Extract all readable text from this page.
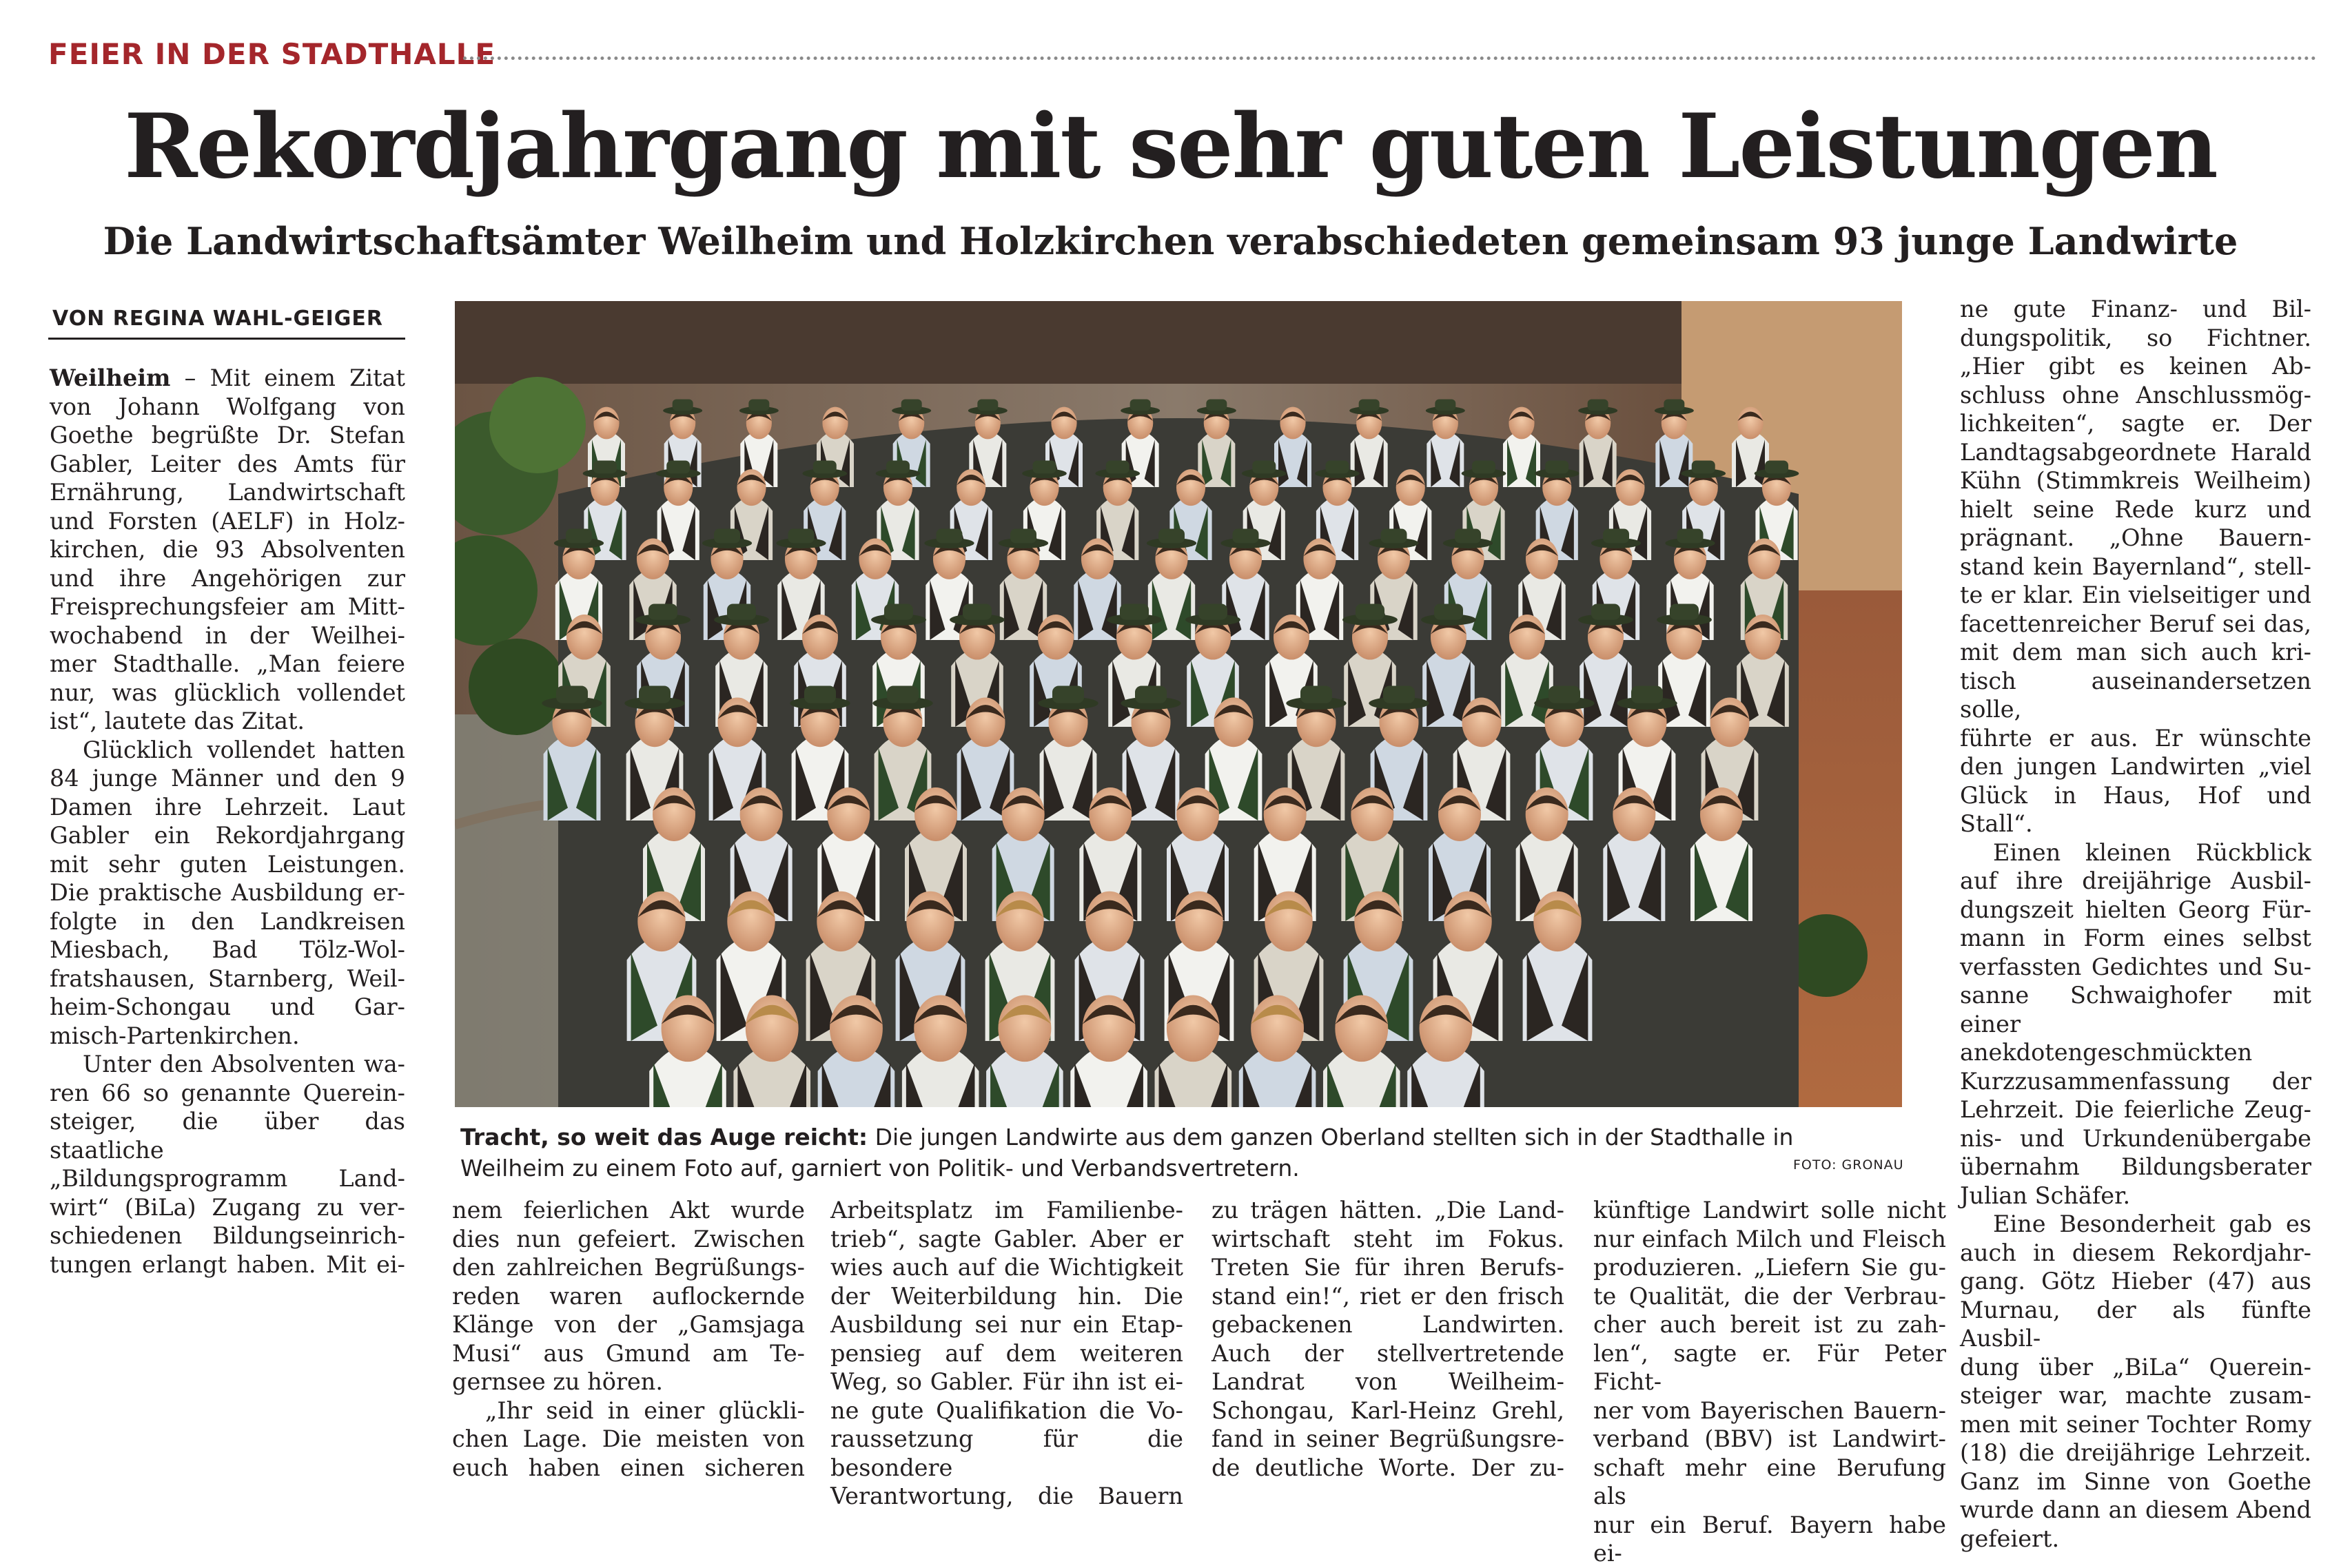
FEIER IN DER STADTHALLE
Rekordjahrgang mit sehr guten Leistungen
Die Landwirtschaftsämter Weilheim und Holzkirchen verabschiedeten gemeinsam 93 junge Landwirte
VON REGINA WAHL-GEIGER

Weilheim – Mit einem Zitat

von Johann Wolfgang von

Goethe begrüßte Dr. Stefan

Gabler, Leiter des Amts für

Ernährung, Landwirtschaft

und Forsten (AELF) in Holz-

kirchen, die 93 Absolventen

und ihre Angehörigen zur

Freisprechungsfeier am Mitt-

wochabend in der Weilhei-

mer Stadthalle. „Man feiere

nur, was glücklich vollendet

ist“, lautete das Zitat.

Glücklich vollendet hatten

84 junge Männer und den 9

Damen ihre Lehrzeit. Laut

Gabler ein Rekordjahrgang

mit sehr guten Leistungen.

Die praktische Ausbildung er-

folgte in den Landkreisen

Miesbach, Bad Tölz-Wol-

fratshausen, Starnberg, Weil-

heim-Schongau und Gar-

misch-Partenkirchen.

Unter den Absolventen wa-

ren 66 so genannte Querein-

steiger, die über das staatliche

„Bildungsprogramm Land-

wirt“ (BiLa) Zugang zu ver-

schiedenen Bildungseinrich-

tungen erlangt haben. Mit ei-

Tracht, so weit das Auge reicht: Die jungen Landwirte aus dem ganzen Oberland stellten sich in der Stadthalle in Weilheim zu einem Foto auf, garniert von Politik- und Verbandsvertretern.	FOTO: GRONAU

nem feierlichen Akt wurde

dies nun gefeiert. Zwischen

den zahlreichen Begrüßungs-

reden waren auflockernde

Klänge von der „Gamsjaga

Musi“ aus Gmund am Te-

gernsee zu hören.

„Ihr seid in einer glückli-

chen Lage. Die meisten von

euch haben einen sicheren

Arbeitsplatz im Familienbe-

trieb“, sagte Gabler. Aber er

wies auch auf die Wichtigkeit

der Weiterbildung hin. Die

Ausbildung sei nur ein Etap-

pensieg auf dem weiteren

Weg, so Gabler. Für ihn ist ei-

ne gute Qualifikation die Vo-

raussetzung für die besondere

Verantwortung, die Bauern

zu trägen hätten. „Die Land-

wirtschaft steht im Fokus.

Treten Sie für ihren Berufs-

stand ein!“, riet er den frisch

gebackenen Landwirten.

Auch der stellvertretende

Landrat von Weilheim-

Schongau, Karl-Heinz Grehl,

fand in seiner Begrüßungsre-

de deutliche Worte. Der zu-

künftige Landwirt solle nicht

nur einfach Milch und Fleisch

produzieren. „Liefern Sie gu-

te Qualität, die der Verbrau-

cher auch bereit ist zu zah-

len“, sagte er. Für Peter Ficht-

ner vom Bayerischen Bauern-

verband (BBV) ist Landwirt-

schaft mehr eine Berufung als

nur ein Beruf. Bayern habe ei-

ne gute Finanz- und Bil-

dungspolitik, so Fichtner.

„Hier gibt es keinen Ab-

schluss ohne Anschlussmög-

lichkeiten“, sagte er. Der

Landtagsabgeordnete Harald

Kühn (Stimmkreis Weilheim)

hielt seine Rede kurz und

prägnant. „Ohne Bauern-

stand kein Bayernland“, stell-

te er klar. Ein vielseitiger und

facettenreicher Beruf sei das,

mit dem man sich auch kri-

tisch auseinandersetzen solle,

führte er aus. Er wünschte

den jungen Landwirten „viel

Glück in Haus, Hof und

Stall“.

Einen kleinen Rückblick

auf ihre dreijährige Ausbil-

dungszeit hielten Georg Für-

mann in Form eines selbst

verfassten Gedichtes und Su-

sanne Schwaighofer mit einer

anekdotengeschmückten

Kurzzusammenfassung der

Lehrzeit. Die feierliche Zeug-

nis- und Urkundenübergabe

übernahm Bildungsberater

Julian Schäfer.

Eine Besonderheit gab es

auch in diesem Rekordjahr-

gang. Götz Hieber (47) aus

Murnau, der als fünfte Ausbil-

dung über „BiLa“ Querein-

steiger war, machte zusam-

men mit seiner Tochter Romy

(18) die dreijährige Lehrzeit.

Ganz im Sinne von Goethe

wurde dann an diesem Abend

gefeiert.
